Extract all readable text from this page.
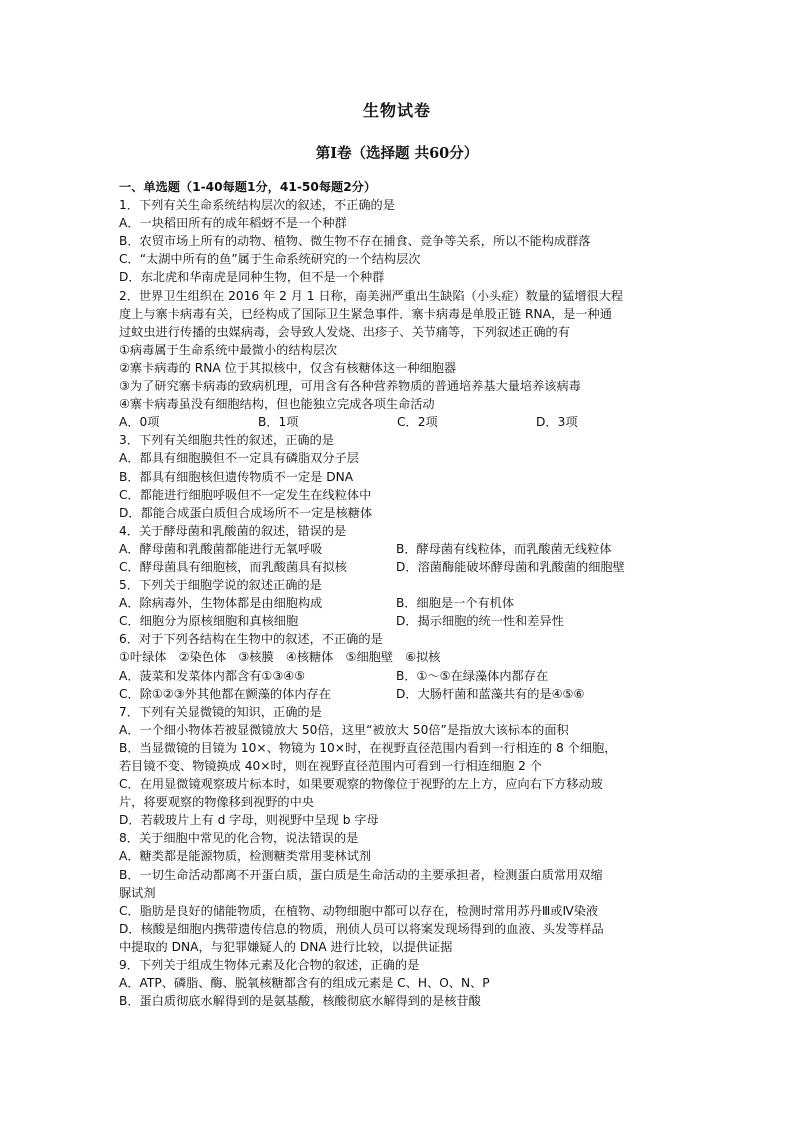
生物试卷
第Ⅰ卷（选择题 共60分）
一、单选题（1-40每题1分，41-50每题2分）
1．下列有关生命系统结构层次的叙述，不正确的是
A．一块稻田所有的成年稻蚜不是一个种群
B．农贸市场上所有的动物、植物、微生物不存在捕食、竞争等关系，所以不能构成群落
C．“太湖中所有的鱼”属于生命系统研究的一个结构层次
D．东北虎和华南虎是同种生物，但不是一个种群
2．世界卫生组织在 2016 年 2 月 1 日称，南美洲严重出生缺陷（小头症）数量的猛增很大程
度上与寨卡病毒有关，已经构成了国际卫生紧急事件．寨卡病毒是单股正链 RNA，是一种通
过蚊虫进行传播的虫媒病毒，会导致人发烧、出疹子、关节痛等，下列叙述正确的有
①病毒属于生命系统中最微小的结构层次
②寨卡病毒的 RNA 位于其拟核中，仅含有核糖体这一种细胞器
③为了研究寨卡病毒的致病机理，可用含有各种营养物质的普通培养基大量培养该病毒
④寨卡病毒虽没有细胞结构，但也能独立完成各项生命活动
A．0项	B．1项	C．2项	D．3项
3．下列有关细胞共性的叙述，正确的是
A．都具有细胞膜但不一定具有磷脂双分子层
B．都具有细胞核但遗传物质不一定是 DNA
C．都能进行细胞呼吸但不一定发生在线粒体中
D．都能合成蛋白质但合成场所不一定是核糖体
4．关于酵母菌和乳酸菌的叙述，错误的是
A．酵母菌和乳酸菌都能进行无氧呼吸	B．酵母菌有线粒体，而乳酸菌无线粒体
C．酵母菌具有细胞核，而乳酸菌具有拟核	D．溶菌酶能破坏酵母菌和乳酸菌的细胞壁
5．下列关于细胞学说的叙述正确的是
A．除病毒外，生物体都是由细胞构成	B．细胞是一个有机体
C．细胞分为原核细胞和真核细胞	D．揭示细胞的统一性和差异性
6．对于下列各结构在生物中的叙述，不正确的是
①叶绿体　②染色体　③核膜　④核糖体　⑤细胞壁　⑥拟核
A．菠菜和发菜体内都含有①③④⑤	B．①～⑤在绿藻体内都存在
C．除①②③外其他都在颤藻的体内存在	D．大肠杆菌和蓝藻共有的是④⑤⑥
7．下列有关显微镜的知识，正确的是
A．一个细小物体若被显微镜放大 50倍，这里“被放大 50倍”是指放大该标本的面积
B．当显微镜的目镜为 10×、物镜为 10×时，在视野直径范围内看到一行相连的 8 个细胞，
若目镜不变、物镜换成 40×时，则在视野直径范围内可看到一行相连细胞 2 个
C．在用显微镜观察玻片标本时，如果要观察的物像位于视野的左上方，应向右下方移动玻
片，将要观察的物像移到视野的中央
D．若载玻片上有 d 字母，则视野中呈现 b 字母
8．关于细胞中常见的化合物，说法错误的是
A．糖类都是能源物质，检测糖类常用斐林试剂
B．一切生命活动都离不开蛋白质，蛋白质是生命活动的主要承担者，检测蛋白质常用双缩
脲试剂
C．脂肪是良好的储能物质，在植物、动物细胞中都可以存在，检测时常用苏丹Ⅲ或Ⅳ染液
D．核酸是细胞内携带遗传信息的物质，刑侦人员可以将案发现场得到的血液、头发等样品
中提取的 DNA，与犯罪嫌疑人的 DNA 进行比较，以提供证据
9．下列关于组成生物体元素及化合物的叙述，正确的是
A．ATP、磷脂、酶、脱氧核糖都含有的组成元素是 C、H、O、N、P
B．蛋白质彻底水解得到的是氨基酸，核酸彻底水解得到的是核苷酸
